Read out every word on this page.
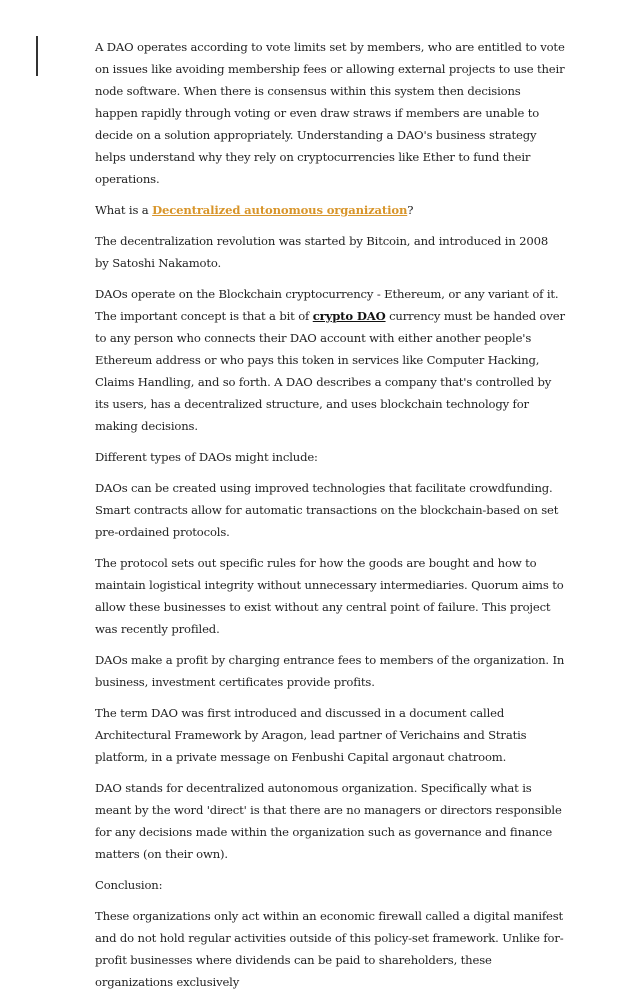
A DAO operates according to vote limits set by members, who are entitled to vote on issues like avoiding membership fees or allowing external projects to use their node software. When there is consensus within this system then decisions happen rapidly through voting or even draw straws if members are unable to decide on a solution appropriately. Understanding a DAO's business strategy helps understand why they rely on cryptocurrencies like Ether to fund their operations.

What is a Decentralized autonomous organization?

The decentralization revolution was started by Bitcoin, and introduced in 2008 by Satoshi Nakamoto.

DAOs operate on the Blockchain cryptocurrency - Ethereum, or any variant of it. The important concept is that a bit of crypto DAO currency must be handed over to any person who connects their DAO account with either another people's Ethereum address or who pays this token in services like Computer Hacking, Claims Handling, and so forth. A DAO describes a company that's controlled by its users, has a decentralized structure, and uses blockchain technology for making decisions.

Different types of DAOs might include:

DAOs can be created using improved technologies that facilitate crowdfunding. Smart contracts allow for automatic transactions on the blockchain-based on set pre-ordained protocols.

The protocol sets out specific rules for how the goods are bought and how to maintain logistical integrity without unnecessary intermediaries. Quorum aims to allow these businesses to exist without any central point of failure. This project was recently profiled.

DAOs make a profit by charging entrance fees to members of the organization. In business, investment certificates provide profits.

The term DAO was first introduced and discussed in a document called Architectural Framework by Aragon, lead partner of Verichains and Stratis platform, in a private message on Fenbushi Capital argonaut chatroom.

DAO stands for decentralized autonomous organization. Specifically what is meant by the word 'direct' is that there are no managers or directors responsible for any decisions made within the organization such as governance and finance matters (on their own).

Conclusion:

These organizations only act within an economic firewall called a digital manifest and do not hold regular activities outside of this policy-set framework. Unlike for-profit businesses where dividends can be paid to shareholders, these organizations exclusively
